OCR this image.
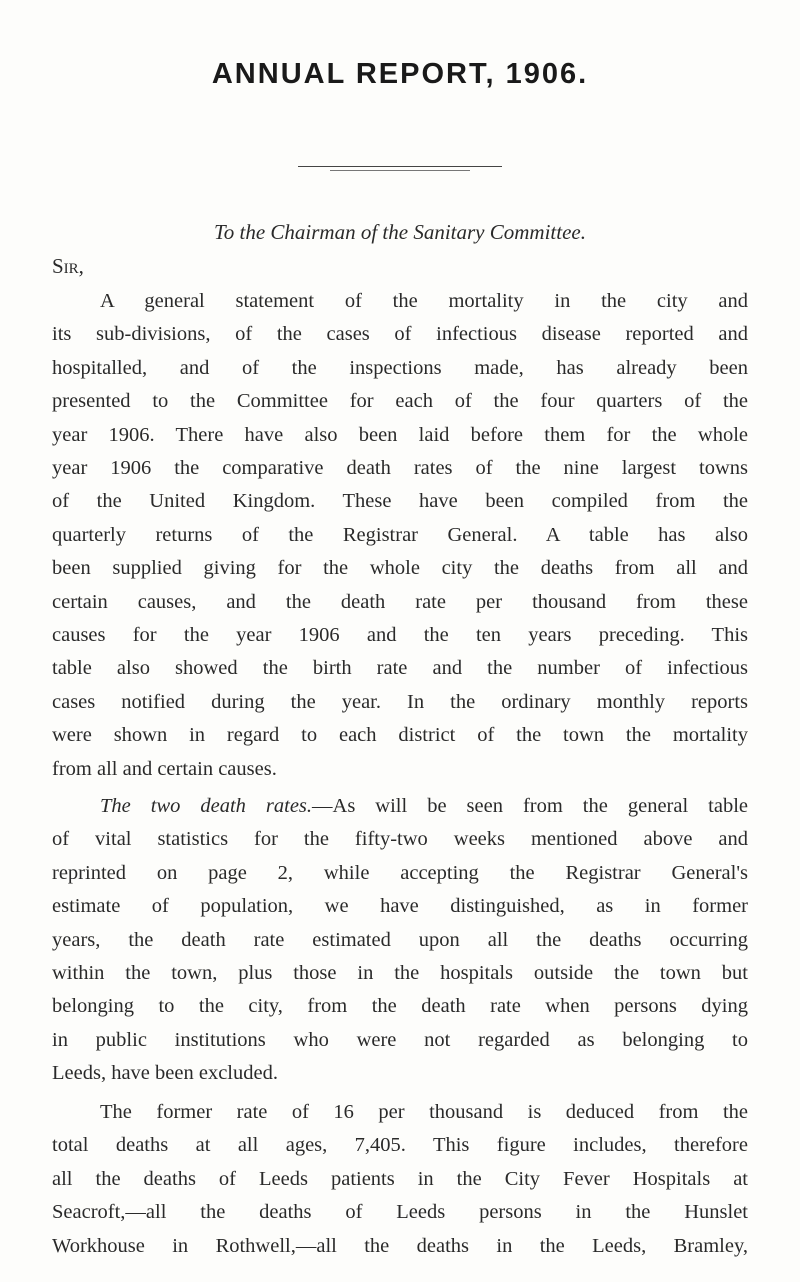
ANNUAL REPORT, 1906.
To the Chairman of the Sanitary Committee.
Sir,
A general statement of the mortality in the city and
its sub-divisions, of the cases of infectious disease reported and
hospitalled, and of the inspections made, has already been
presented to the Committee for each of the four quarters of the
year 1906. There have also been laid before them for the whole
year 1906 the comparative death rates of the nine largest towns
of the United Kingdom. These have been compiled from the
quarterly returns of the Registrar General. A table has also
been supplied giving for the whole city the deaths from all and
certain causes, and the death rate per thousand from these
causes for the year 1906 and the ten years preceding. This
table also showed the birth rate and the number of infectious
cases notified during the year. In the ordinary monthly reports
were shown in regard to each district of the town the mortality
from all and certain causes.
The two death rates.—As will be seen from the general table
of vital statistics for the fifty-two weeks mentioned above and
reprinted on page 2, while accepting the Registrar General's
estimate of population, we have distinguished, as in former
years, the death rate estimated upon all the deaths occurring
within the town, plus those in the hospitals outside the town but
belonging to the city, from the death rate when persons dying
in public institutions who were not regarded as belonging to
Leeds, have been excluded.
The former rate of 16 per thousand is deduced from the
total deaths at all ages, 7,405. This figure includes, therefore
all the deaths of Leeds patients in the City Fever Hospitals at
Seacroft,—all the deaths of Leeds persons in the Hunslet
Workhouse in Rothwell,—all the deaths in the Leeds, Bramley,
